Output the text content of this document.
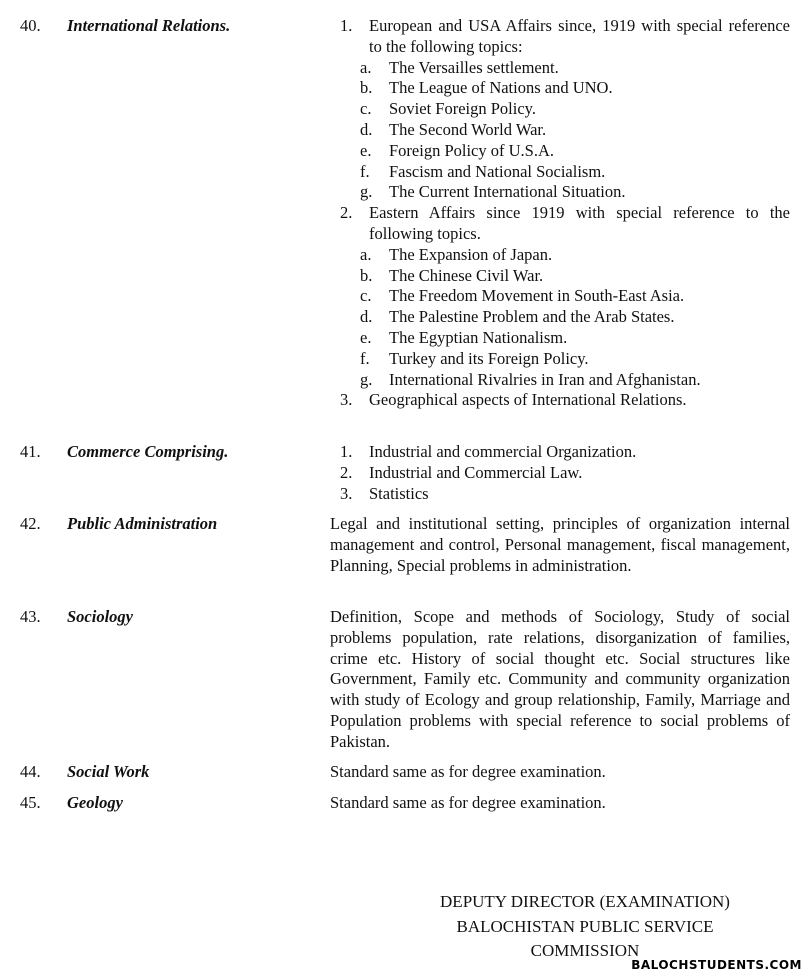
40. International Relations.	1. European and USA Affairs since, 1919 with special reference to the following topics:
a. The Versailles settlement.
b. The League of Nations and UNO.
c. Soviet Foreign Policy.
d. The Second World War.
e. Foreign Policy of U.S.A.
f. Fascism and National Socialism.
g. The Current International Situation.
2. Eastern Affairs since 1919 with special reference to the following topics.
a. The Expansion of Japan.
b. The Chinese Civil War.
c. The Freedom Movement in South-East Asia.
d. The Palestine Problem and the Arab States.
e. The Egyptian Nationalism.
f. Turkey and its Foreign Policy.
g. International Rivalries in Iran and Afghanistan.
3. Geographical aspects of International Relations.
41. Commerce Comprising.	1. Industrial and commercial Organization.
2. Industrial and Commercial Law.
3. Statistics
42. Public Administration	Legal and institutional setting, principles of organization internal management and control, Personal management, fiscal management, Planning, Special problems in administration.
43. Sociology	Definition, Scope and methods of Sociology, Study of social problems population, rate relations, disorganization of families, crime etc. History of social thought etc. Social structures like Government, Family etc. Community and community organization with study of Ecology and group relationship, Family, Marriage and Population problems with special reference to social problems of Pakistan.
44. Social Work	Standard same as for degree examination.
45. Geology	Standard same as for degree examination.
DEPUTY DIRECTOR (EXAMINATION)
BALOCHISTAN PUBLIC SERVICE
COMMISSION
BALOCHSTUDENTS.COM
